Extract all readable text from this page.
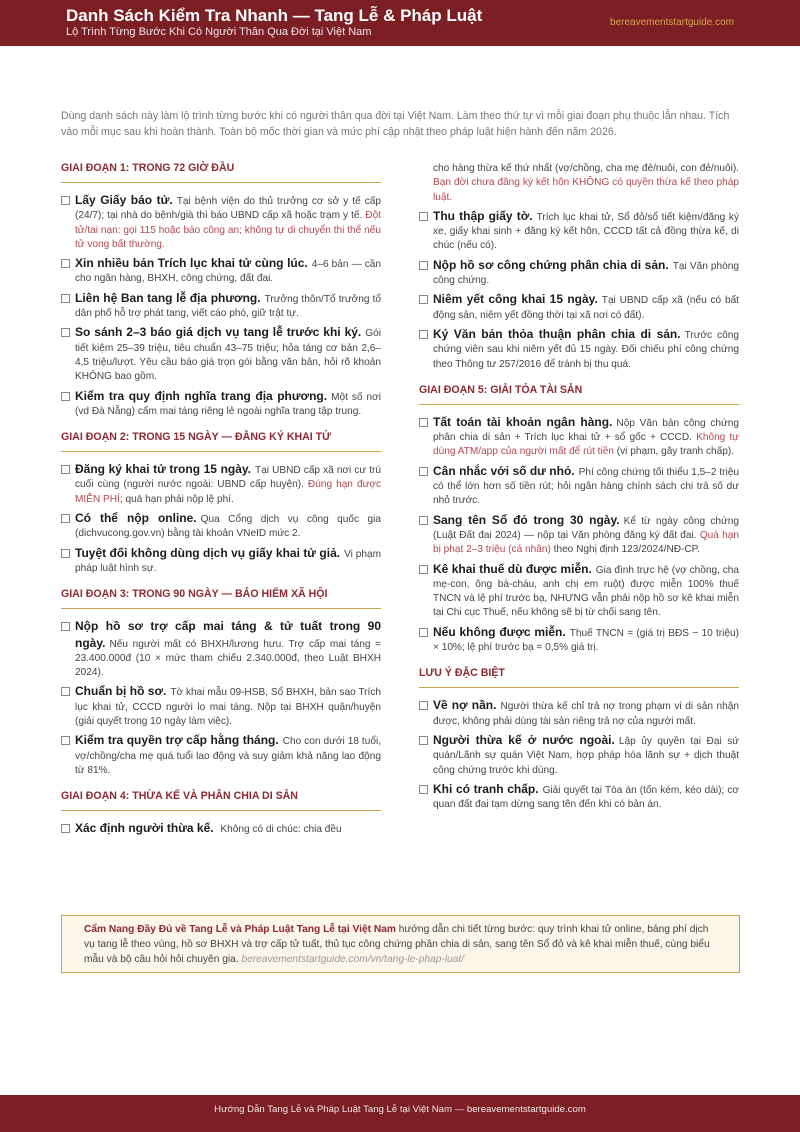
Danh Sách Kiểm Tra Nhanh — Tang Lễ & Pháp Luật
Lộ Trình Từng Bước Khi Có Người Thân Qua Đời tại Việt Nam
bereavementstartguide.com
Dùng danh sách này làm lộ trình từng bước khi có người thân qua đời tại Việt Nam. Làm theo thứ tự vì mỗi giai đoạn phụ thuộc lẫn nhau. Tích vào mỗi mục sau khi hoàn thành. Toàn bộ mốc thời gian và mức phí cập nhật theo pháp luật hiện hành đến năm 2026.
GIAI ĐOẠN 1: TRONG 72 GIỜ ĐẦU
Lấy Giấy báo tử. Tại bệnh viện do thủ trưởng cơ sở y tế cấp (24/7); tại nhà do bệnh/già thì báo UBND cấp xã hoặc trạm y tế. Đột tử/tai nạn: gọi 115 hoặc báo công an; không tự di chuyển thi thể nếu tử vong bất thường.
Xin nhiều bản Trích lục khai tử cùng lúc. 4–6 bản — cần cho ngân hàng, BHXH, công chứng, đất đai.
Liên hệ Ban tang lễ địa phương. Trưởng thôn/Tổ trưởng tổ dân phố hỗ trợ phát tang, viết cáo phó, giữ trật tự.
So sánh 2–3 báo giá dịch vụ tang lễ trước khi ký. Gói tiết kiệm 25–39 triệu, tiêu chuẩn 43–75 triệu; hỏa táng cơ bản 2,6–4,5 triệu/lượt. Yêu cầu báo giá trọn gói bằng văn bản, hỏi rõ khoản KHÔNG bao gồm.
Kiểm tra quy định nghĩa trang địa phương. Một số nơi (vd Đà Nẵng) cấm mai táng riêng lẻ ngoài nghĩa trang tập trung.
GIAI ĐOẠN 2: TRONG 15 NGÀY — ĐĂNG KÝ KHAI TỬ
Đăng ký khai tử trong 15 ngày. Tại UBND cấp xã nơi cư trú cuối cùng (người nước ngoài: UBND cấp huyện). Đúng hạn được MIỄN PHÍ; quá hạn phải nộp lệ phí.
Có thể nộp online. Qua Cổng dịch vụ công quốc gia (dichvucong.gov.vn) bằng tài khoản VNeID mức 2.
Tuyệt đối không dùng dịch vụ giấy khai tử giả. Vi phạm pháp luật hình sự.
GIAI ĐOẠN 3: TRONG 90 NGÀY — BẢO HIỂM XÃ HỘI
Nộp hồ sơ trợ cấp mai táng & tử tuất trong 90 ngày. Nếu người mất có BHXH/lương hưu. Trợ cấp mai táng = 23.400.000đ (10 × mức tham chiếu 2.340.000đ, theo Luật BHXH 2024).
Chuẩn bị hồ sơ. Tờ khai mẫu 09-HSB, Sổ BHXH, bản sao Trích lục khai tử, CCCD người lo mai táng. Nộp tại BHXH quận/huyện (giải quyết trong 10 ngày làm việc).
Kiểm tra quyền trợ cấp hằng tháng. Cho con dưới 18 tuổi, vợ/chồng/cha mẹ quá tuổi lao động và suy giảm khả năng lao động từ 81%.
GIAI ĐOẠN 4: THỪA KẾ VÀ PHÂN CHIA DI SẢN
Xác định người thừa kế. Không có di chúc: chia đều
cho hàng thừa kế thứ nhất (vợ/chồng, cha mẹ đẻ/nuôi, con đẻ/nuôi). Bạn đời chưa đăng ký kết hôn KHÔNG có quyền thừa kế theo pháp luật.
Thu thập giấy tờ. Trích lục khai tử, Sổ đỏ/sổ tiết kiệm/đăng ký xe, giấy khai sinh + đăng ký kết hôn, CCCD tất cả đồng thừa kế, di chúc (nếu có).
Nộp hồ sơ công chứng phân chia di sản. Tại Văn phòng công chứng.
Niêm yết công khai 15 ngày. Tại UBND cấp xã (nếu có bất động sản, niêm yết đồng thời tại xã nơi có đất).
Ký Văn bản thỏa thuận phân chia di sản. Trước công chứng viên sau khi niêm yết đủ 15 ngày. Đối chiếu phí công chứng theo Thông tư 257/2016 để tránh bị thu quá.
GIAI ĐOẠN 5: GIẢI TỎA TÀI SẢN
Tất toán tài khoản ngân hàng. Nộp Văn bản công chứng phân chia di sản + Trích lục khai tử + sổ gốc + CCCD. Không tự dùng ATM/app của người mất để rút tiền (vi phạm, gây tranh chấp).
Cân nhắc với số dư nhỏ. Phí công chứng tối thiểu 1,5–2 triệu có thể lớn hơn số tiền rút; hỏi ngân hàng chính sách chi trả số dư nhỏ trước.
Sang tên Sổ đỏ trong 30 ngày. Kể từ ngày công chứng (Luật Đất đai 2024) — nộp tại Văn phòng đăng ký đất đai. Quá hạn bị phạt 2–3 triệu (cá nhân) theo Nghị định 123/2024/NĐ-CP.
Kê khai thuế dù được miễn. Gia đình trực hệ (vợ chồng, cha mẹ-con, ông bà-cháu, anh chị em ruột) được miễn 100% thuế TNCN và lệ phí trước bạ, NHƯNG vẫn phải nộp hồ sơ kê khai miễn tại Chi cục Thuế, nếu không sẽ bị từ chối sang tên.
Nếu không được miễn. Thuế TNCN = (giá trị BĐS − 10 triệu) × 10%; lệ phí trước bạ = 0,5% giá trị.
LƯU Ý ĐẶC BIỆT
Về nợ nần. Người thừa kế chỉ trả nợ trong phạm vi di sản nhận được, không phải dùng tài sản riêng trả nợ của người mất.
Người thừa kế ở nước ngoài. Lập ủy quyền tại Đại sứ quán/Lãnh sự quán Việt Nam, hợp pháp hóa lãnh sự + dịch thuật công chứng trước khi dùng.
Khi có tranh chấp. Giải quyết tại Tòa án (tốn kém, kéo dài); cơ quan đất đai tạm dừng sang tên đến khi có bản án.
Cẩm Nang Đầy Đủ về Tang Lễ và Pháp Luật Tang Lễ tại Việt Nam hướng dẫn chi tiết từng bước: quy trình khai tử online, bảng phí dịch vụ tang lễ theo vùng, hồ sơ BHXH và trợ cấp tử tuất, thủ tục công chứng phân chia di sản, sang tên Sổ đỏ và kê khai miễn thuế, cùng biểu mẫu và bộ câu hỏi hỏi chuyên gia. bereavementstartguide.com/vn/tang-le-phap-luat/
Hướng Dẫn Tang Lễ và Pháp Luật Tang Lễ tại Việt Nam — bereavementstartguide.com
